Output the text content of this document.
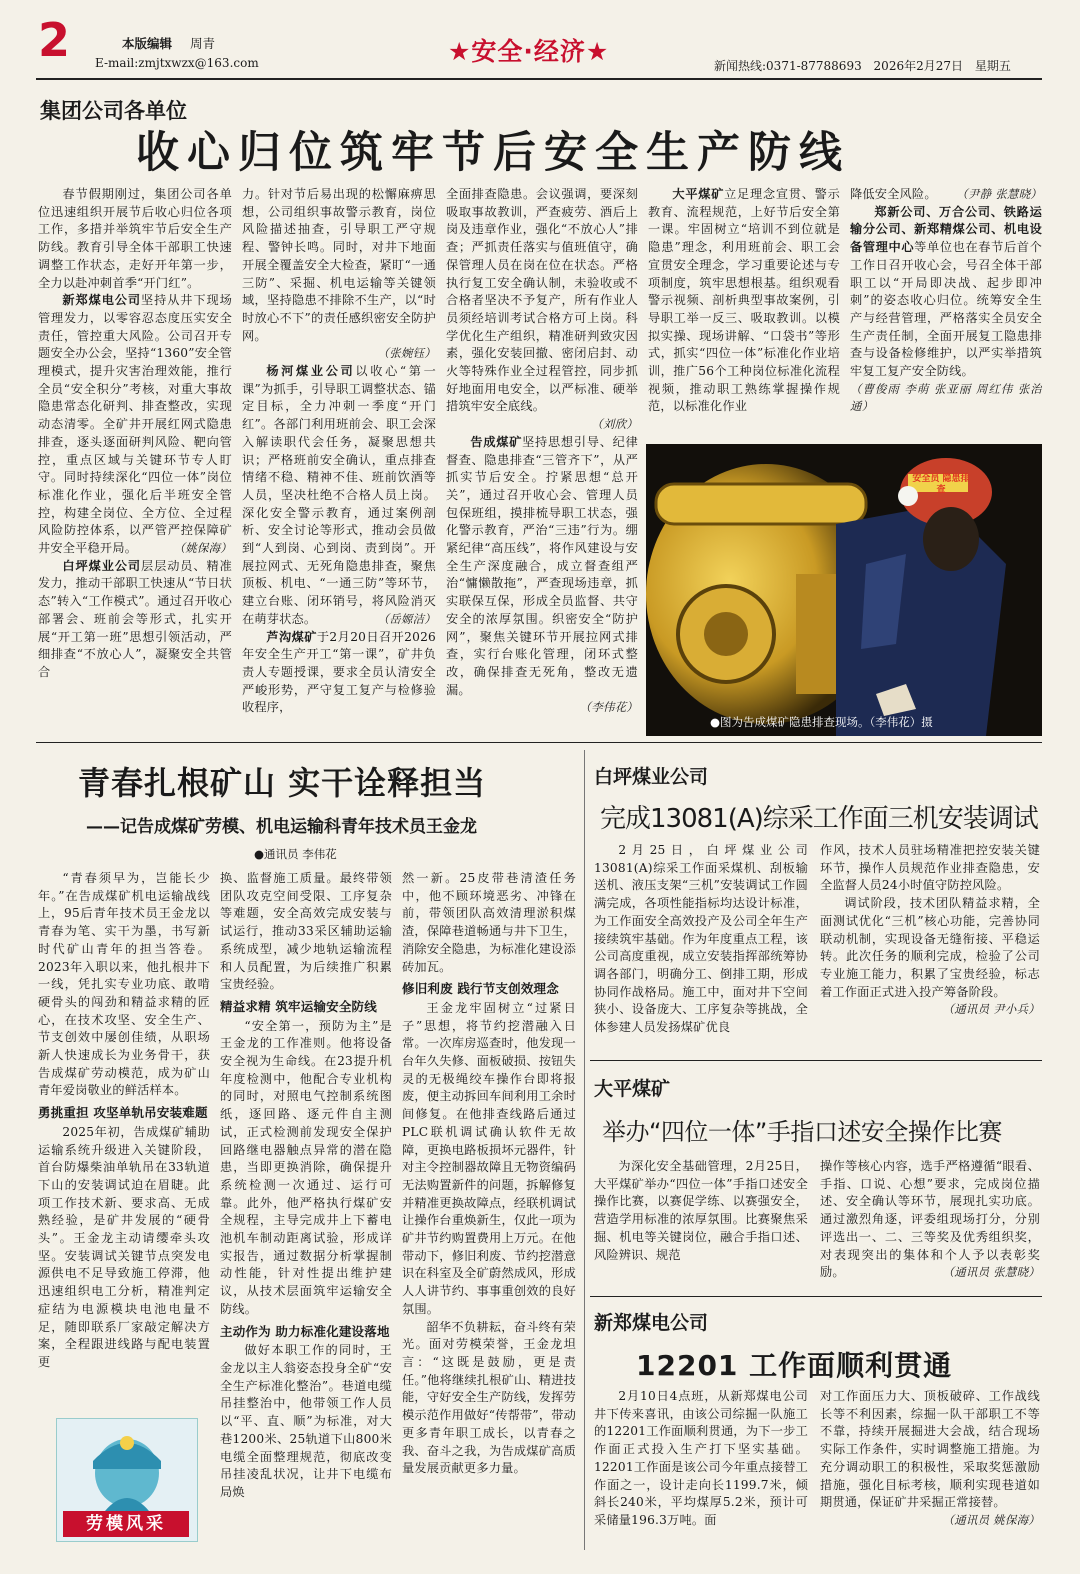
2	本版编辑 周青
E-mail:zmjtxwzx@163.com	★安全·经济★	新闻热线:0371-87788693 2026年2月27日 星期五
集团公司各单位
收心归位筑牢节后安全生产防线

春节假期刚过，集团公司各单位迅速组织开展节后收心归位各项工作，多措并举筑牢节后安全生产防线。教育引导全体干部职工快速调整工作状态，走好开年第一步，全力以赴冲刺首季“开门红”。

新郑煤电公司坚持从井下现场管理发力，以零容忍态度压实安全责任，管控重大风险。公司召开专题安全办公会，坚持“1360”安全管理模式，提升灾害治理效能，推行全员“安全积分”考核，对重大事故隐患常态化研判、排查整改，实现动态清零。全矿井开展红网式隐患排查，逐头逐面研判风险、靶向管控，重点区域与关键环节专人盯守。同时持续深化“四位一体”岗位标准化作业，强化后半班安全管控，构建全岗位、全方位、全过程风险防控体系，以严管严控保障矿井安全平稳开局。	（姚保海）

白坪煤业公司层层动员、精准发力，推动干部职工快速从“节日状态”转入“工作模式”。通过召开收心部署会、班前会等形式，扎实开展“开工第一班”思想引领活动，严细排查“不放心人”，凝聚安全共管合

力。针对节后易出现的松懈麻痹思想，公司组织事故警示教育，岗位风险描述抽查，引导职工严守规程、警钟长鸣。同时，对井下地面开展全覆盖安全大检查，紧盯“一通三防”、采掘、机电运输等关键领域，坚持隐患不排除不生产，以“时时放心不下”的责任感织密安全防护网。

（张婉钰）

杨河煤业公司以收心“第一课”为抓手，引导职工调整状态、锚定目标，全力冲刺一季度“开门红”。各部门利用班前会、职工会深入解读职代会任务，凝聚思想共识；严格班前安全确认，重点排查情绪不稳、精神不佳、班前饮酒等人员，坚决杜绝不合格人员上岗。深化安全警示教育，通过案例剖析、安全讨论等形式，推动会员做到“人到岗、心到岗、责到岗”。开展拉网式、无死角隐患排查，聚焦顶板、机电、“一通三防”等环节，建立台账、闭环销号，将风险消灭在萌芽状态。	（岳嫄洁）

芦沟煤矿于2月20日召开2026年安全生产开工“第一课”，矿井负责人专题授课，要求全员认清安全严峻形势，严守复工复产与检修验收程序，

全面排查隐患。会议强调，要深刻吸取事故教训，严查疲劳、酒后上岗及违章作业，强化“不放心人”排查；严抓责任落实与值班值守，确保管理人员在岗在位在状态。严格执行复工安全确认制，未验收或不合格者坚决不予复产，所有作业人员须经培训考试合格方可上岗。科学优化生产组织，精准研判致灾因素，强化安装回撤、密闭启封、动火等特殊作业全过程管控，同步抓好地面用电安全，以严标准、硬举措筑牢安全底线。

（刘欣）

告成煤矿坚持思想引导、纪律督查、隐患排查“三管齐下”，从严抓实节后安全。拧紧思想“总开关”，通过召开收心会、管理人员包保班组，摸排梳导职工状态，强化警示教育，严治“三违”行为。绷紧纪律“高压线”，将作风建设与安全生产深度融合，成立督查组严治“慵懒散拖”，严查现场违章，抓实联保互保，形成全员监督、共守安全的浓厚氛围。织密安全“防护网”，聚焦关键环节开展拉网式排查，实行台账化管理，闭环式整改，确保排查无死角，整改无遗漏。

（李伟花）

大平煤矿立足理念宣贯、警示教育、流程规范，上好节后安全第一课。牢固树立“培训不到位就是隐患”理念，利用班前会、职工会宣贯安全理念，学习重要论述与专项制度，筑牢思想根基。组织观看警示视频、剖析典型事故案例，引导职工举一反三、吸取教训。以模拟实操、现场讲解、“口袋书”等形式，抓实“四位一体”标准化作业培训，推广56个工种岗位标准化流程视频，推动职工熟练掌握操作规范，以标准化作业

降低安全风险。 （尹静 张慧晓）

郑新公司、万合公司、铁路运输分公司、新郑精煤公司、机电设备管理中心等单位也在春节后首个工作日召开收心会，号召全体干部职工以“开局即决战、起步即冲刺”的姿态收心归位。统筹安全生产与经营管理，严格落实全员安全生产责任制，全面开展复工隐患排查与设备检修维护，以严实举措筑牢复工复产安全防线。

（曹俊雨 李萌 张亚丽 周红伟 张治通）

安全员 隐患排查
●图为告成煤矿隐患排查现场。（李伟花）摄
青春扎根矿山 实干诠释担当
——记告成煤矿劳模、机电运输科青年技术员王金龙
●通讯员 李伟花

“青春须早为，岂能长少年。”在告成煤矿机电运输战线上，95后青年技术员王金龙以青春为笔、实干为墨，书写新时代矿山青年的担当答卷。2023年入职以来，他扎根井下一线，凭扎实专业功底、敢啃硬骨头的闯劲和精益求精的匠心，在技术攻坚、安全生产、节支创效中屡创佳绩，从职场新人快速成长为业务骨干，获告成煤矿劳动模范，成为矿山青年爱岗敬业的鲜活样本。

勇挑重担 攻坚单轨吊安装难题

2025年初，告成煤矿辅助运输系统升级进入关键阶段，首台防爆柴油单轨吊在33轨道下山的安装调试迫在眉睫。此项工作技术新、要求高、无成熟经验，是矿井发展的“硬骨头”。王金龙主动请缨牵头攻坚。安装调试关键节点突发电源供电不足导致施工停滞，他迅速组织电工分析，精准判定症结为电源模块电池电量不足，随即联系厂家敲定解决方案，全程跟进线路与配电装置更

换、监督施工质量。最终带领团队攻克空间受限、工序复杂等难题，安全高效完成安装与试运行，推动33采区辅助运输系统成型，减少地轨运输流程和人员配置，为后续推广积累宝贵经验。

精益求精 筑牢运输安全防线

“安全第一，预防为主”是王金龙的工作准则。他将设备安全视为生命线。在23提升机年度检测中，他配合专业机构的同时，对照电气控制系统图纸，逐回路、逐元件自主测试，正式检测前发现安全保护回路继电器触点异常的潜在隐患，当即更换消除，确保提升系统检测一次通过、运行可靠。此外，他严格执行煤矿安全规程，主导完成井上下蓄电池机车制动距离试验，形成详实报告，通过数据分析掌握制动性能，针对性提出维护建议，从技术层面筑牢运输安全防线。

主动作为 助力标准化建设落地

做好本职工作的同时，王金龙以主人翁姿态投身全矿“安全生产标准化整治”。巷道电缆吊挂整治中，他带领工作人员以“平、直、顺”为标准，对大巷1200米、25轨道下山800米电缆全面整理规范，彻底改变吊挂凌乱状况，让井下电缆布局焕

然一新。25皮带巷清渣任务中，他不顾环境恶劣、冲锋在前，带领团队高效清理淤积煤渣，保障巷道畅通与井下卫生，消除安全隐患，为标准化建设添砖加瓦。

修旧利废 践行节支创效理念

王金龙牢固树立“过紧日子”思想，将节约挖潜融入日常。一次库房巡查时，他发现一台年久失修、面板破损、按钮失灵的无极绳绞车操作台即将报废，便主动拆回车间利用工余时间修复。在他排查线路后通过PLC联机调试确认软件无故障，更换电路板损坏元器件，针对主令控制器故障且无物资编码无法购置新件的问题，拆解修复并精准更换故障点，经联机调试让操作台重焕新生，仅此一项为矿井节约购置费用上万元。在他带动下，修旧利废、节约挖潜意识在科室及全矿蔚然成风，形成人人讲节约、事事重创效的良好氛围。

韶华不负耕耘，奋斗终有荣光。面对劳模荣誉，王金龙坦言：“这既是鼓励，更是责任。”他将继续扎根矿山、精进技能，守好安全生产防线，发挥劳模示范作用做好“传帮带”，带动更多青年职工成长，以青春之我、奋斗之我，为告成煤矿高质量发展贡献更多力量。

劳模风采
白坪煤业公司
完成13081(A)综采工作面三机安装调试

2月25日，白坪煤业公司13081(A)综采工作面采煤机、刮板输送机、液压支架“三机”安装调试工作圆满完成，各项性能指标均达设计标准，为工作面安全高效投产及公司全年生产接续筑牢基础。作为年度重点工程，该公司高度重视，成立安装指挥部统筹协调各部门，明确分工、倒排工期，形成协同作战格局。施工中，面对井下空间狭小、设备庞大、工序复杂等挑战，全体参建人员发扬煤矿优良

作风，技术人员驻场精准把控安装关键环节，操作人员规范作业排查隐患，安全监督人员24小时值守防控风险。

调试阶段，技术团队精益求精，全面测试优化“三机”核心功能，完善协同联动机制，实现设备无缝衔接、平稳运转。此次任务的顺利完成，检验了公司专业施工能力，积累了宝贵经验，标志着工作面正式进入投产筹备阶段。

（通讯员 尹小兵）

大平煤矿
举办“四位一体”手指口述安全操作比赛

为深化安全基础管理，2月25日，大平煤矿举办“四位一体”手指口述安全操作比赛，以赛促学练、以赛强安全，营造学用标准的浓厚氛围。比赛聚焦采掘、机电等关键岗位，融合手指口述、风险辨识、规范

操作等核心内容，选手严格遵循“眼看、手指、口说、心想”要求，完成岗位描述、安全确认等环节，展现扎实功底。通过激烈角逐，评委组现场打分，分别评选出一、二、三等奖及优秀组织奖，对表现突出的集体和个人予以表彰奖励。	（通讯员 张慧晓）

新郑煤电公司
12201 工作面顺利贯通

2月10日4点班，从新郑煤电公司井下传来喜讯，由该公司综掘一队施工的12201工作面顺利贯通，为下一步工作面正式投入生产打下坚实基础。12201工作面是该公司今年重点接替工作面之一，设计走向长1199.7米，倾斜长240米，平均煤厚5.2米，预计可采储量196.3万吨。面

对工作面压力大、顶板破碎、工作战线长等不利因素，综掘一队干部职工不等不靠，持续开展掘进大会战，结合现场实际工作条件，实时调整施工措施。为充分调动职工的积极性，采取奖惩激励措施，强化目标考核，顺利实现巷道如期贯通，保证矿井采掘正常接替。

（通讯员 姚保海）
